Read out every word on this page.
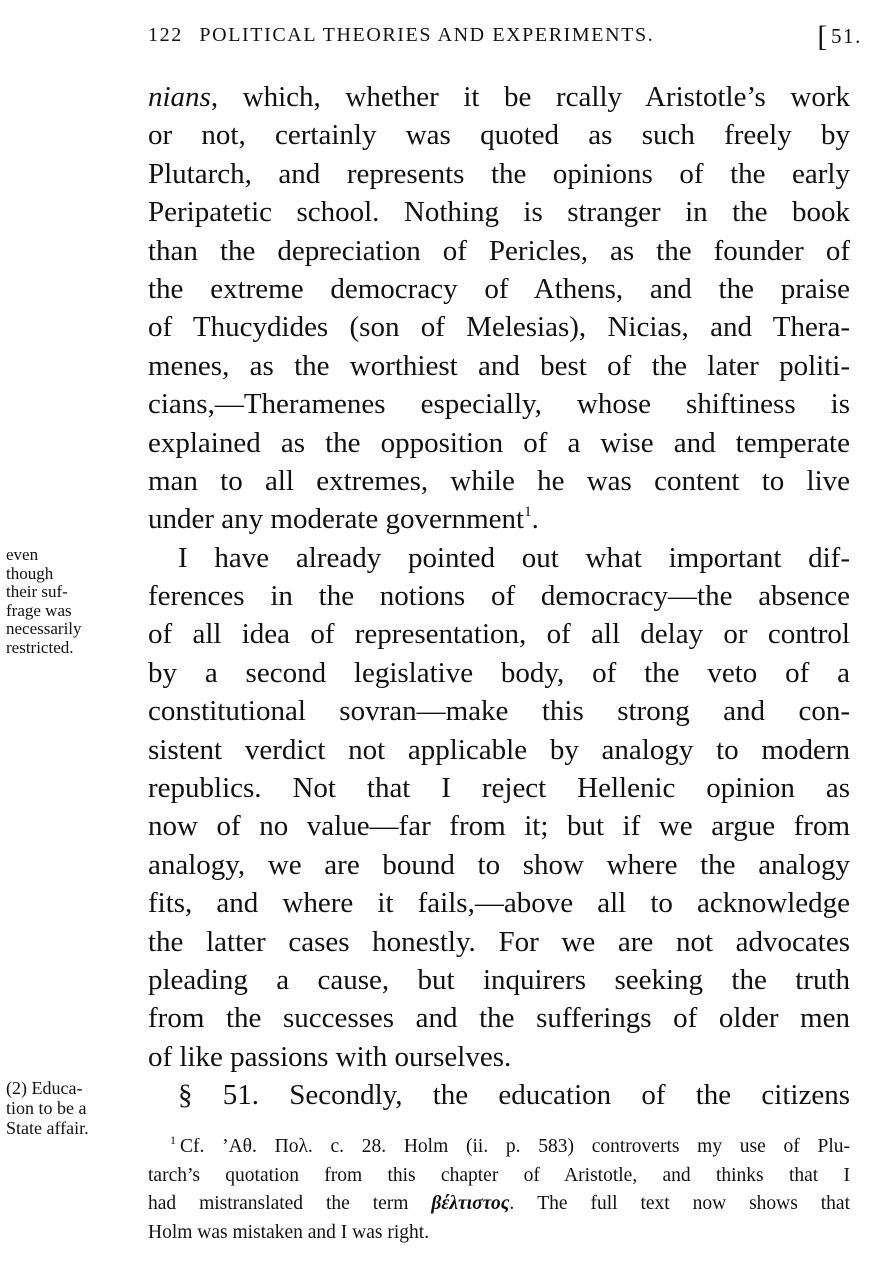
122 POLITICAL THEORIES AND EXPERIMENTS.	[51.
nians, which, whether it be rcally Aristotle’s work
or not, certainly was quoted as such freely by
Plutarch, and represents the opinions of the early
Peripatetic school. Nothing is stranger in the book
than the depreciation of Pericles, as the founder of
the extreme democracy of Athens, and the praise
of Thucydides (son of Melesias), Nicias, and Thera-
menes, as the worthiest and best of the later politi-
cians,—Theramenes especially, whose shiftiness is
explained as the opposition of a wise and temperate
man to all extremes, while he was content to live
under any moderate government$^1$.
I have already pointed out what important dif-
ferences in the notions of democracy—the absence
of all idea of representation, of all delay or control
by a second legislative body, of the veto of a
constitutional sovran—make this strong and con-
sistent verdict not applicable by analogy to modern
republics. Not that I reject Hellenic opinion as
now of no value—far from it; but if we argue from
analogy, we are bound to show where the analogy
fits, and where it fails,—above all to acknowledge
the latter cases honestly. For we are not advocates
pleading a cause, but inquirers seeking the truth
from the successes and the sufferings of older men
of like passions with ourselves.
§ 51. Secondly, the education of the citizens
even
though
their suf-
frage was
necessarily
restricted.
(2) Educa-
tion to be a
State affair.
$^1$ Cf. ’Αθ. Πολ. c. 28. Holm (ii. p. 583) controverts my use of Plu-
tarch’s quotation from this chapter of Aristotle, and thinks that I
had mistranslated the term βέλτιστος. The full text now shows that
Holm was mistaken and I was right.
